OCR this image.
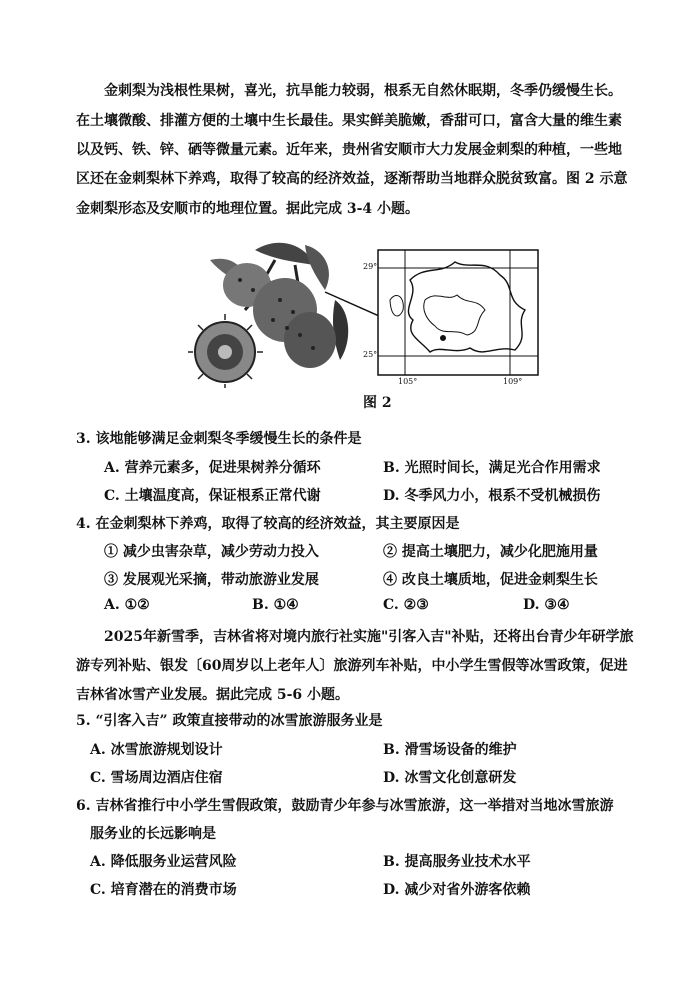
金刺梨为浅根性果树，喜光，抗旱能力较弱，根系无自然休眠期，冬季仍缓慢生长。
在土壤微酸、排灌方便的土壤中生长最佳。果实鲜美脆嫩，香甜可口，富含大量的维生素
以及钙、铁、锌、硒等微量元素。近年来，贵州省安顺市大力发展金刺梨的种植，一些地
区还在金刺梨林下养鸡，取得了较高的经济效益，逐渐帮助当地群众脱贫致富。图 2 示意
金刺梨形态及安顺市的地理位置。据此完成 3-4 小题。
29°
25°
105°	109°
图 2
3. 该地能够满足金刺梨冬季缓慢生长的条件是
A. 营养元素多，促进果树养分循环	B. 光照时间长，满足光合作用需求
C. 土壤温度高，保证根系正常代谢	D. 冬季风力小，根系不受机械损伤
4. 在金刺梨林下养鸡，取得了较高的经济效益，其主要原因是
① 减少虫害杂草，减少劳动力投入	② 提高土壤肥力，减少化肥施用量
③ 发展观光采摘，带动旅游业发展	④ 改良土壤质地，促进金刺梨生长
A. ①②	B. ①④	C. ②③	D. ③④
2025年新雪季，吉林省将对境内旅行社实施"引客入吉"补贴，还将出台青少年研学旅
游专列补贴、银发〔60周岁以上老年人〕旅游列车补贴，中小学生雪假等冰雪政策，促进
吉林省冰雪产业发展。据此完成 5-6 小题。
5. “引客入吉” 政策直接带动的冰雪旅游服务业是
A. 冰雪旅游规划设计	B. 滑雪场设备的维护
C. 雪场周边酒店住宿	D. 冰雪文化创意研发
6. 吉林省推行中小学生雪假政策，鼓励青少年参与冰雪旅游，这一举措对当地冰雪旅游
服务业的长远影响是
A. 降低服务业运营风险	B. 提高服务业技术水平
C. 培育潜在的消费市场	D. 减少对省外游客依赖
